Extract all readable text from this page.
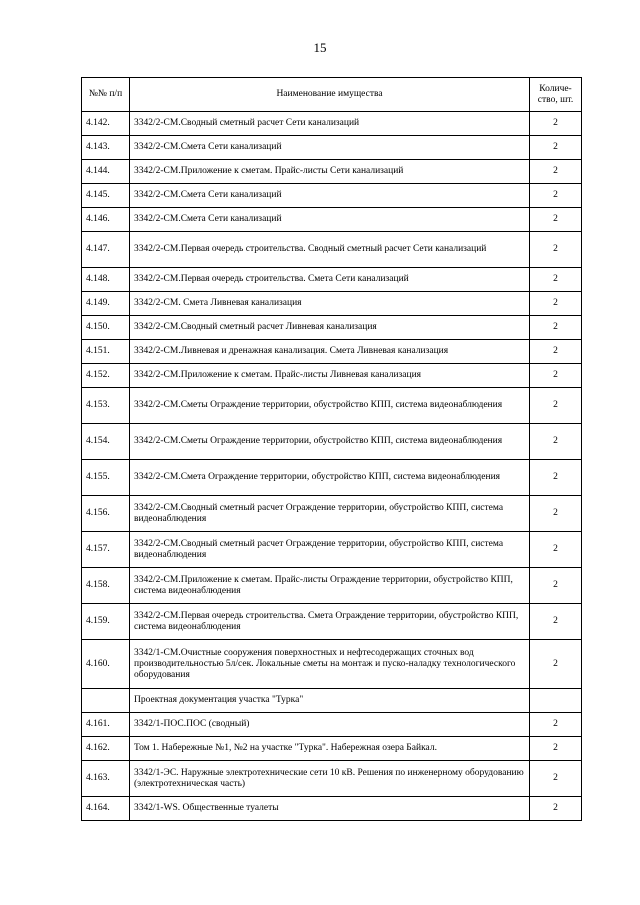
15
№№ п/п	Наименование имущества	Количе-ство, шт.
4.142.	3342/2-СМ.Сводный сметный расчет Сети канализаций	2
4.143.	3342/2-СМ.Смета Сети канализаций	2
4.144.	3342/2-СМ.Приложение к сметам. Прайс-листы Сети канализаций	2
4.145.	3342/2-СМ.Смета Сети канализаций	2
4.146.	3342/2-СМ.Смета Сети канализаций	2
4.147.	3342/2-СМ.Первая очередь строительства. Сводный сметный расчет Сети канализаций	2
4.148.	3342/2-СМ.Первая очередь строительства. Смета Сети канализаций	2
4.149.	3342/2-СМ. Смета Ливневая канализация	2
4.150.	3342/2-СМ.Сводный сметный расчет Ливневая канализация	2
4.151.	3342/2-СМ.Ливневая и дренажная канализация. Смета Ливневая канализация	2
4.152.	3342/2-СМ.Приложение к сметам. Прайс-листы Ливневая канализация	2
4.153.	3342/2-СМ.Сметы Ограждение территории, обустройство КПП, система видеонаблюдения	2
4.154.	3342/2-СМ.Сметы Ограждение территории, обустройство КПП, система видеонаблюдения	2
4.155.	3342/2-СМ.Смета Ограждение территории, обустройство КПП, система видеонаблюдения	2
4.156.	3342/2-СМ.Сводный сметный расчет Ограждение территории, обустройство КПП, система видеонаблюдения	2
4.157.	3342/2-СМ.Сводный сметный расчет Ограждение территории, обустройство КПП, система видеонаблюдения	2
4.158.	3342/2-СМ.Приложение к сметам. Прайс-листы Ограждение территории, обустройство КПП, система видеонаблюдения	2
4.159.	3342/2-СМ.Первая очередь строительства. Смета Ограждение территории, обустройство КПП, система видеонаблюдения	2
4.160.	3342/1-СМ.Очистные сооружения поверхностных и нефтесодержащих сточных вод производительностью 5л/сек. Локальные сметы на монтаж и пуско-наладку технологического оборудования	2
	Проектная документация участка "Турка"	
4.161.	3342/1-ПОС.ПОС (сводный)	2
4.162.	Том 1. Набережные №1, №2 на участке "Турка". Набережная озера Байкал.	2
4.163.	3342/1-ЭС. Наружные электротехнические сети 10 кВ. Решения по инженерному оборудованию (электротехническая часть)	2
4.164.	3342/1-WS. Общественные туалеты	2
